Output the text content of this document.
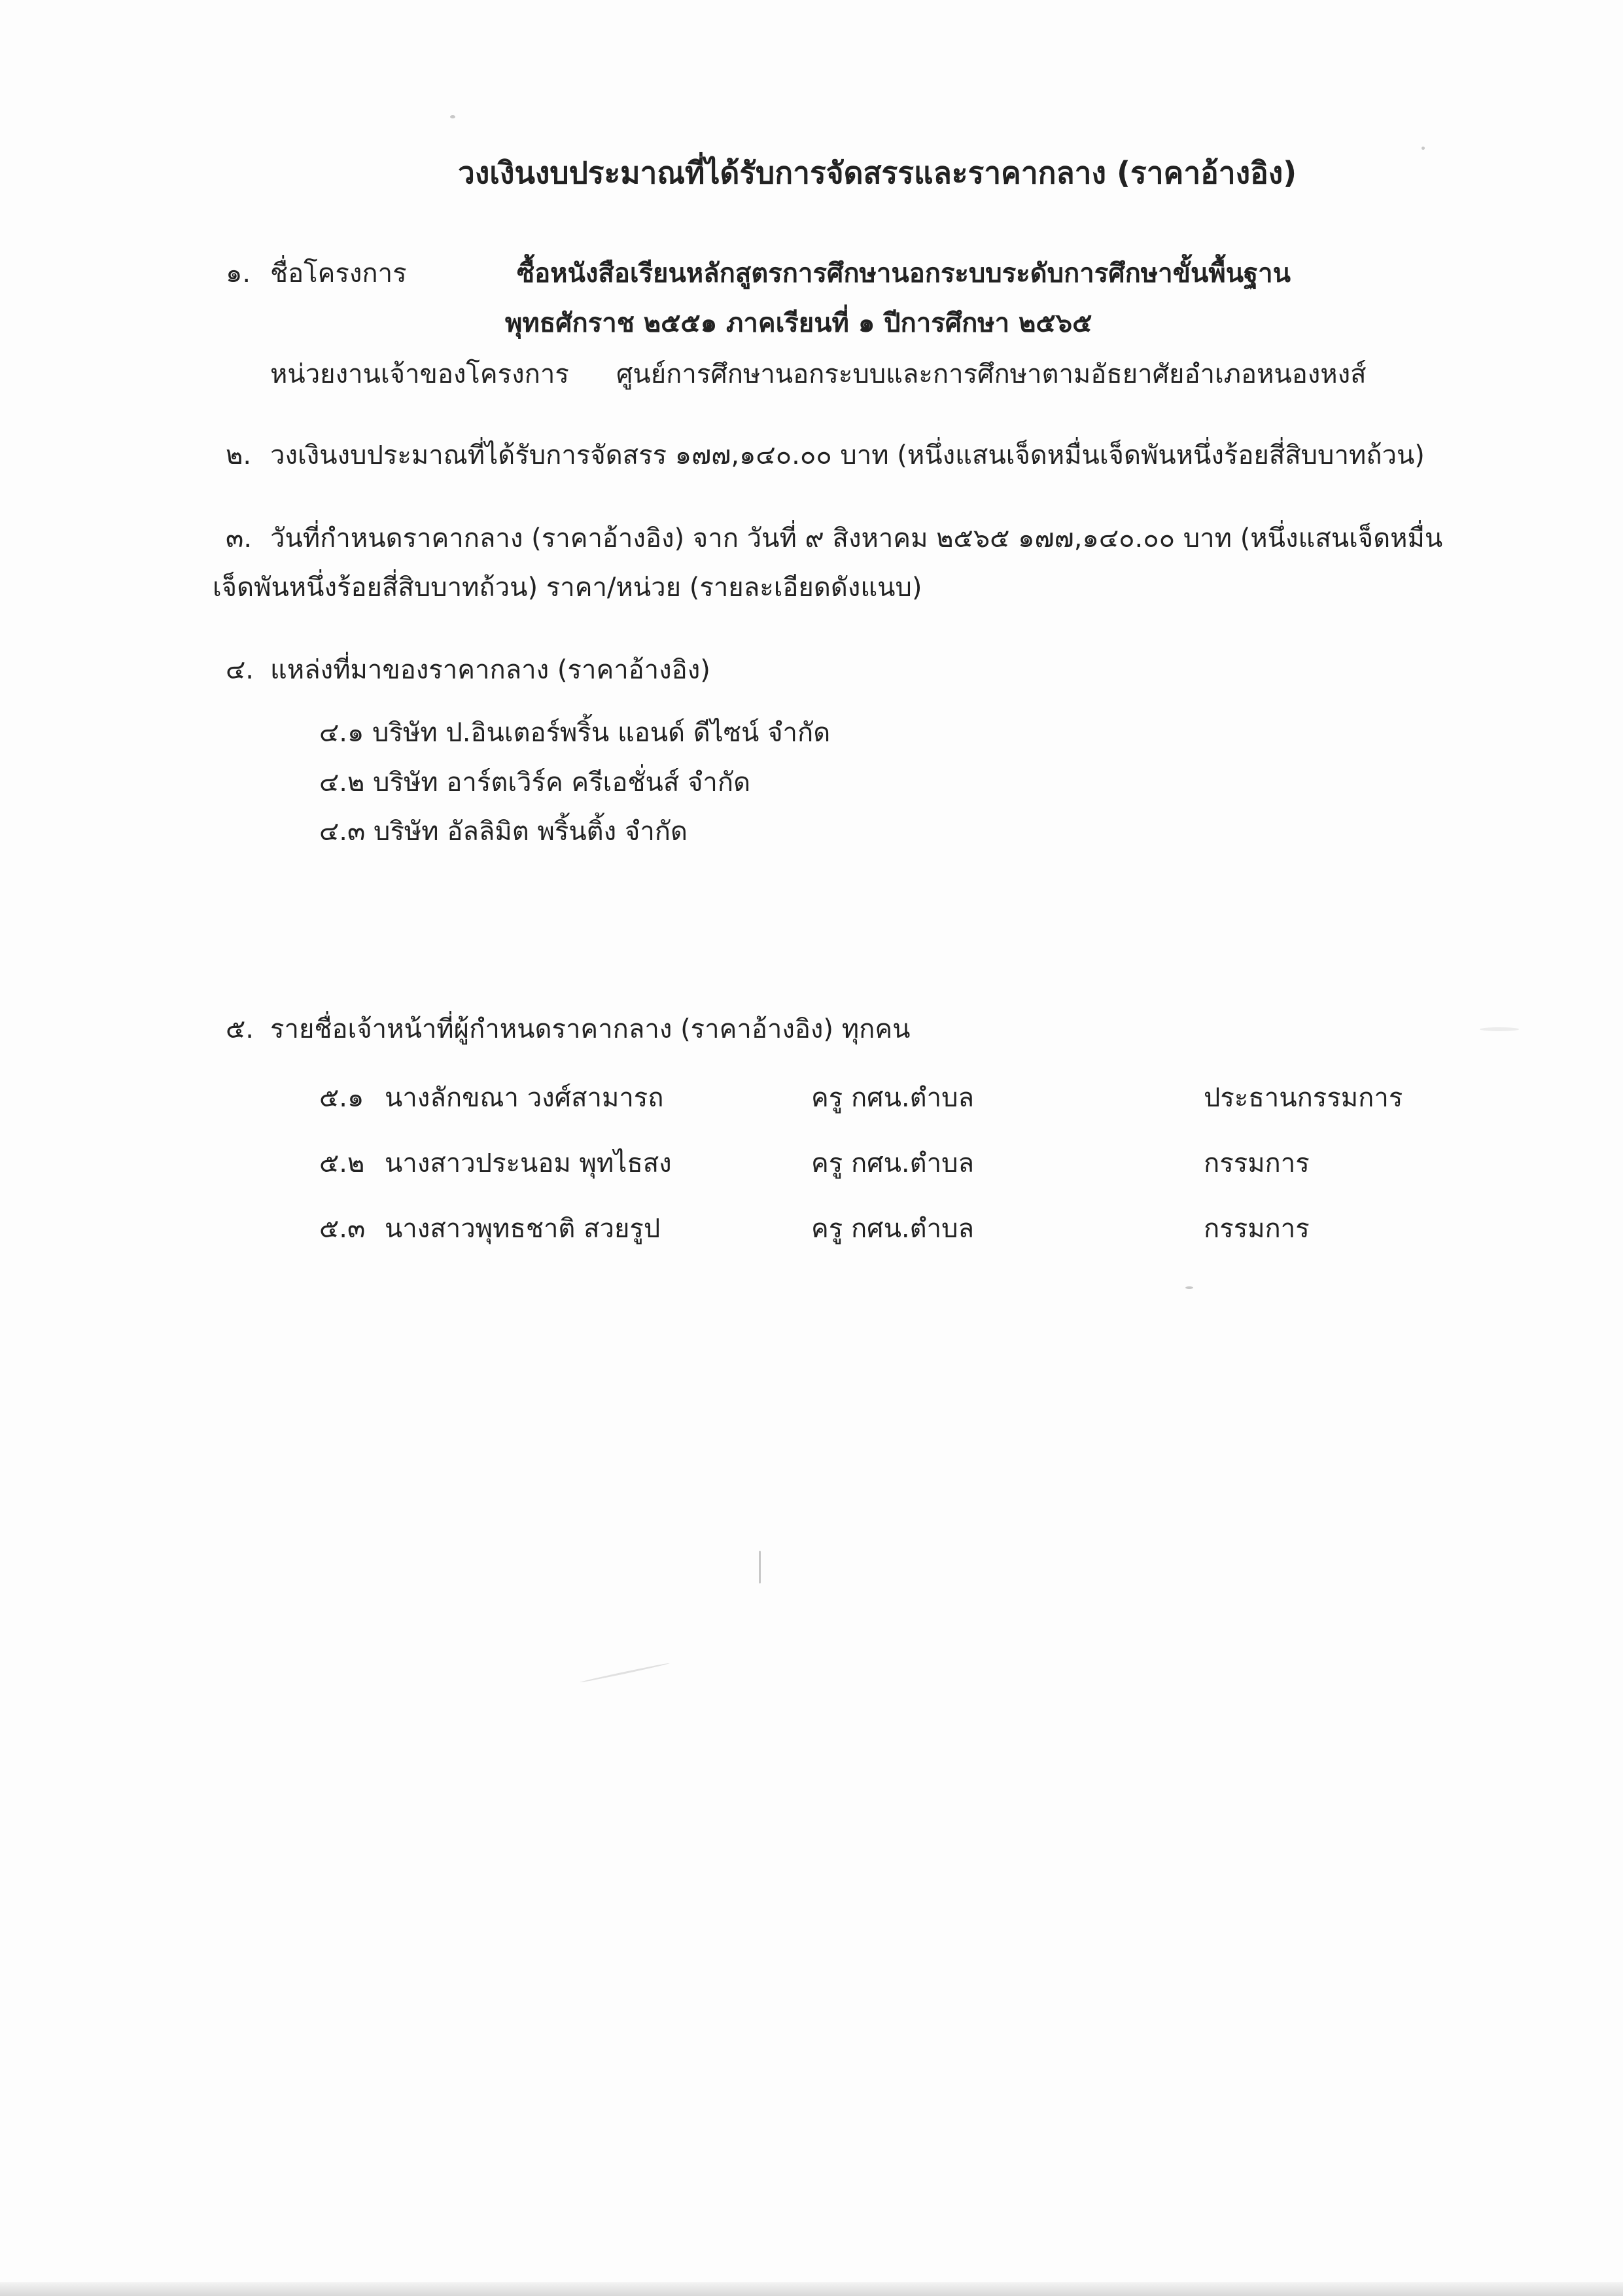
วงเงินงบประมาณที่ได้รับการจัดสรรและราคากลาง (ราคาอ้างอิง)
๑. ชื่อโครงการ	ซื้อหนังสือเรียนหลักสูตรการศึกษานอกระบบระดับการศึกษาขั้นพื้นฐาน
พุทธศักราช ๒๕๕๑ ภาคเรียนที่ ๑ ปีการศึกษา ๒๕๖๕
หน่วยงานเจ้าของโครงการ ศูนย์การศึกษานอกระบบและการศึกษาตามอัธยาศัยอำเภอหนองหงส์
๒. วงเงินงบประมาณที่ได้รับการจัดสรร ๑๗๗,๑๔๐.๐๐ บาท (หนึ่งแสนเจ็ดหมื่นเจ็ดพันหนึ่งร้อยสี่สิบบาทถ้วน)
๓. วันที่กำหนดราคากลาง (ราคาอ้างอิง) จาก วันที่ ๙ สิงหาคม ๒๕๖๕ ๑๗๗,๑๔๐.๐๐ บาท (หนึ่งแสนเจ็ดหมื่น
เจ็ดพันหนึ่งร้อยสี่สิบบาทถ้วน) ราคา/หน่วย (รายละเอียดดังแนบ)
๔. แหล่งที่มาของราคากลาง (ราคาอ้างอิง)
๔.๑ บริษัท ป.อินเตอร์พริ้น แอนด์ ดีไซน์ จำกัด
๔.๒ บริษัท อาร์ตเวิร์ค ครีเอชั่นส์ จำกัด
๔.๓ บริษัท อัลลิมิต พริ้นติ้ง จำกัด
๕. รายชื่อเจ้าหน้าที่ผู้กำหนดราคากลาง (ราคาอ้างอิง) ทุกคน
๕.๑ นางลักขณา วงศ์สามารถ	ครู กศน.ตำบล	ประธานกรรมการ
๕.๒ นางสาวประนอม พุทไธสง	ครู กศน.ตำบล	กรรมการ
๕.๓ นางสาวพุทธชาติ สวยรูป	ครู กศน.ตำบล	กรรมการ
